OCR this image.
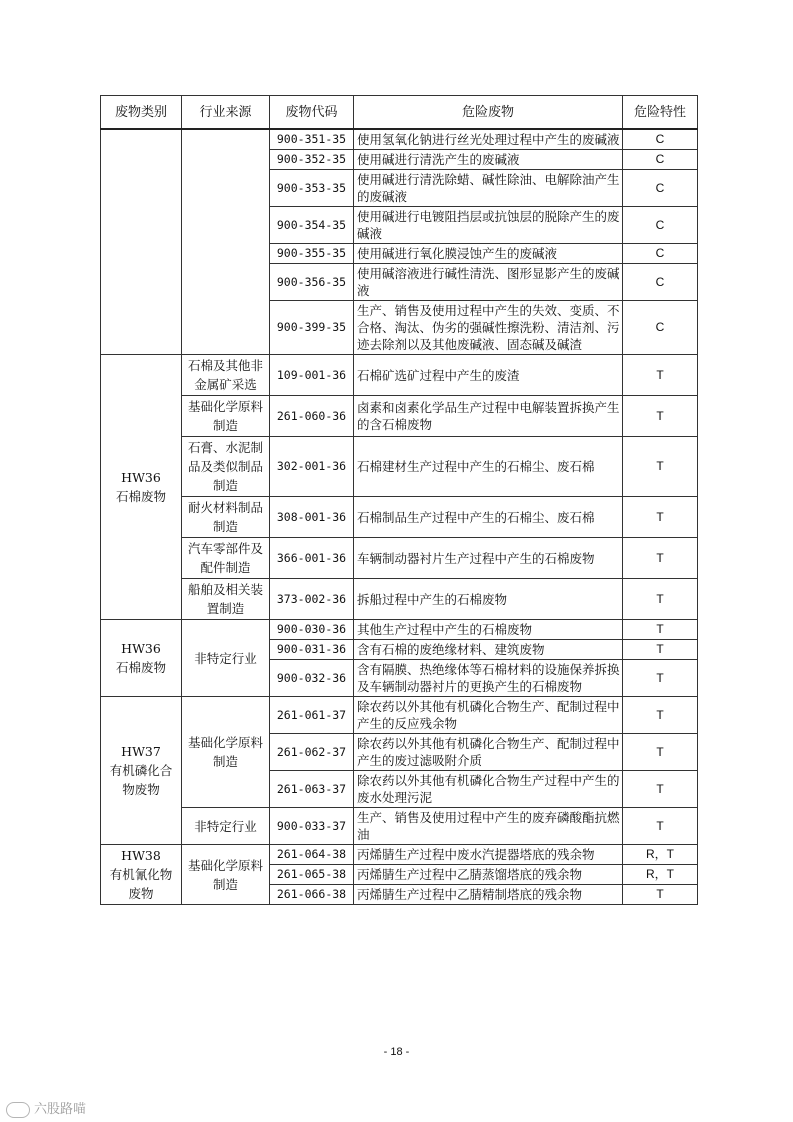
废物类别	行业来源	废物代码	危险废物	危险特性
		900-351-35	使用氢氧化钠进行丝光处理过程中产生的废碱液	C
		900-352-35	使用碱进行清洗产生的废碱液	C
		900-353-35	使用碱进行清洗除蜡、碱性除油、电解除油产生的废碱液	C
		900-354-35	使用碱进行电镀阻挡层或抗蚀层的脱除产生的废碱液	C
		900-355-35	使用碱进行氧化膜浸蚀产生的废碱液	C
		900-356-35	使用碱溶液进行碱性清洗、图形显影产生的废碱液	C
		900-399-35	生产、销售及使用过程中产生的失效、变质、不合格、淘汰、伪劣的强碱性擦洗粉、清洁剂、污迹去除剂以及其他废碱液、固态碱及碱渣	C
HW36
石棉废物	石棉及其他非金属矿采选	109-001-36	石棉矿选矿过程中产生的废渣	T
	基础化学原料制造	261-060-36	卤素和卤素化学品生产过程中电解装置拆换产生的含石棉废物	T
	石膏、水泥制品及类似制品制造	302-001-36	石棉建材生产过程中产生的石棉尘、废石棉	T
	耐火材料制品制造	308-001-36	石棉制品生产过程中产生的石棉尘、废石棉	T
	汽车零部件及配件制造	366-001-36	车辆制动器衬片生产过程中产生的石棉废物	T
	船舶及相关装置制造	373-002-36	拆船过程中产生的石棉废物	T
HW36
石棉废物	非特定行业	900-030-36	其他生产过程中产生的石棉废物	T
		900-031-36	含有石棉的废绝缘材料、建筑废物	T
		900-032-36	含有隔膜、热绝缘体等石棉材料的设施保养拆换及车辆制动器衬片的更换产生的石棉废物	T
HW37
有机磷化合物废物	基础化学原料制造	261-061-37	除农药以外其他有机磷化合物生产、配制过程中产生的反应残余物	T
		261-062-37	除农药以外其他有机磷化合物生产、配制过程中产生的废过滤吸附介质	T
		261-063-37	除农药以外其他有机磷化合物生产过程中产生的废水处理污泥	T
	非特定行业	900-033-37	生产、销售及使用过程中产生的废弃磷酸酯抗燃油	T
HW38
有机氰化物废物	基础化学原料制造	261-064-38	丙烯腈生产过程中废水汽提器塔底的残余物	R，T
		261-065-38	丙烯腈生产过程中乙腈蒸馏塔底的残余物	R，T
		261-066-38	丙烯腈生产过程中乙腈精制塔底的残余物	T
- 18 -
六股路喵
